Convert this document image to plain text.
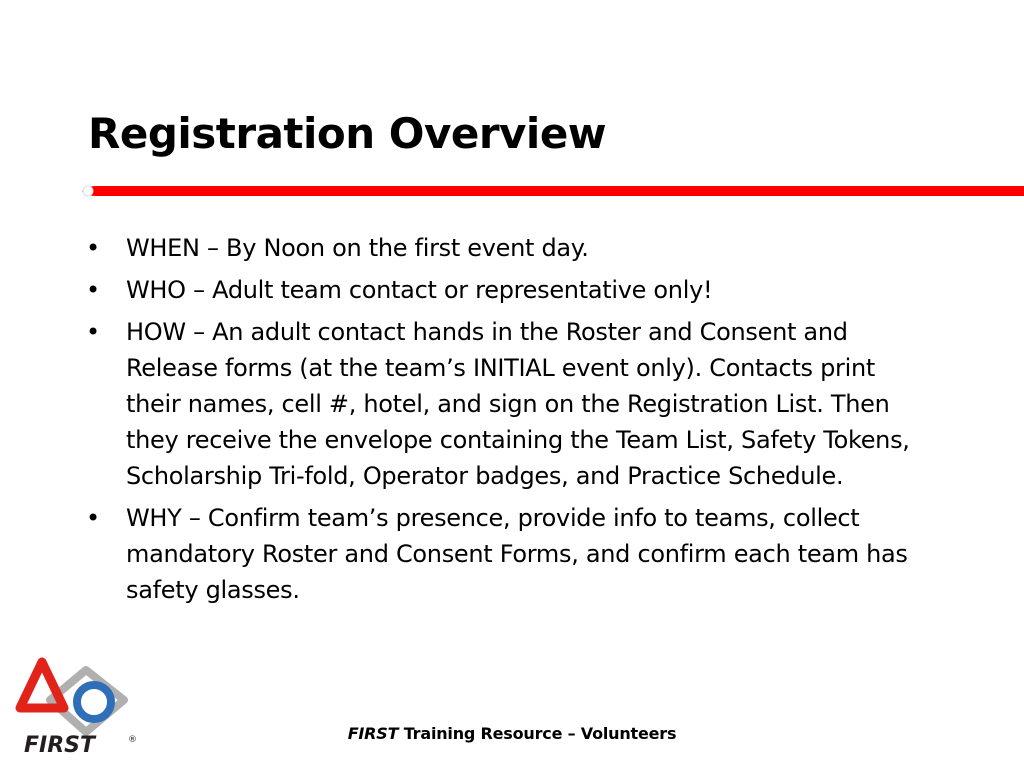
Registration Overview
• WHEN – By Noon on the first event day.
• WHO – Adult team contact or representative only!
• HOW – An adult contact hands in the Roster and Consent and Release forms (at the team’s INITIAL event only). Contacts print their names, cell #, hotel, and sign on the Registration List. Then they receive the envelope containing the Team List, Safety Tokens, Scholarship Tri-fold, Operator badges, and Practice Schedule.
• WHY – Confirm team’s presence, provide info to teams, collect mandatory Roster and Consent Forms, and confirm each team has safety glasses.
FIRST	®	FIRST Training Resource – Volunteers
